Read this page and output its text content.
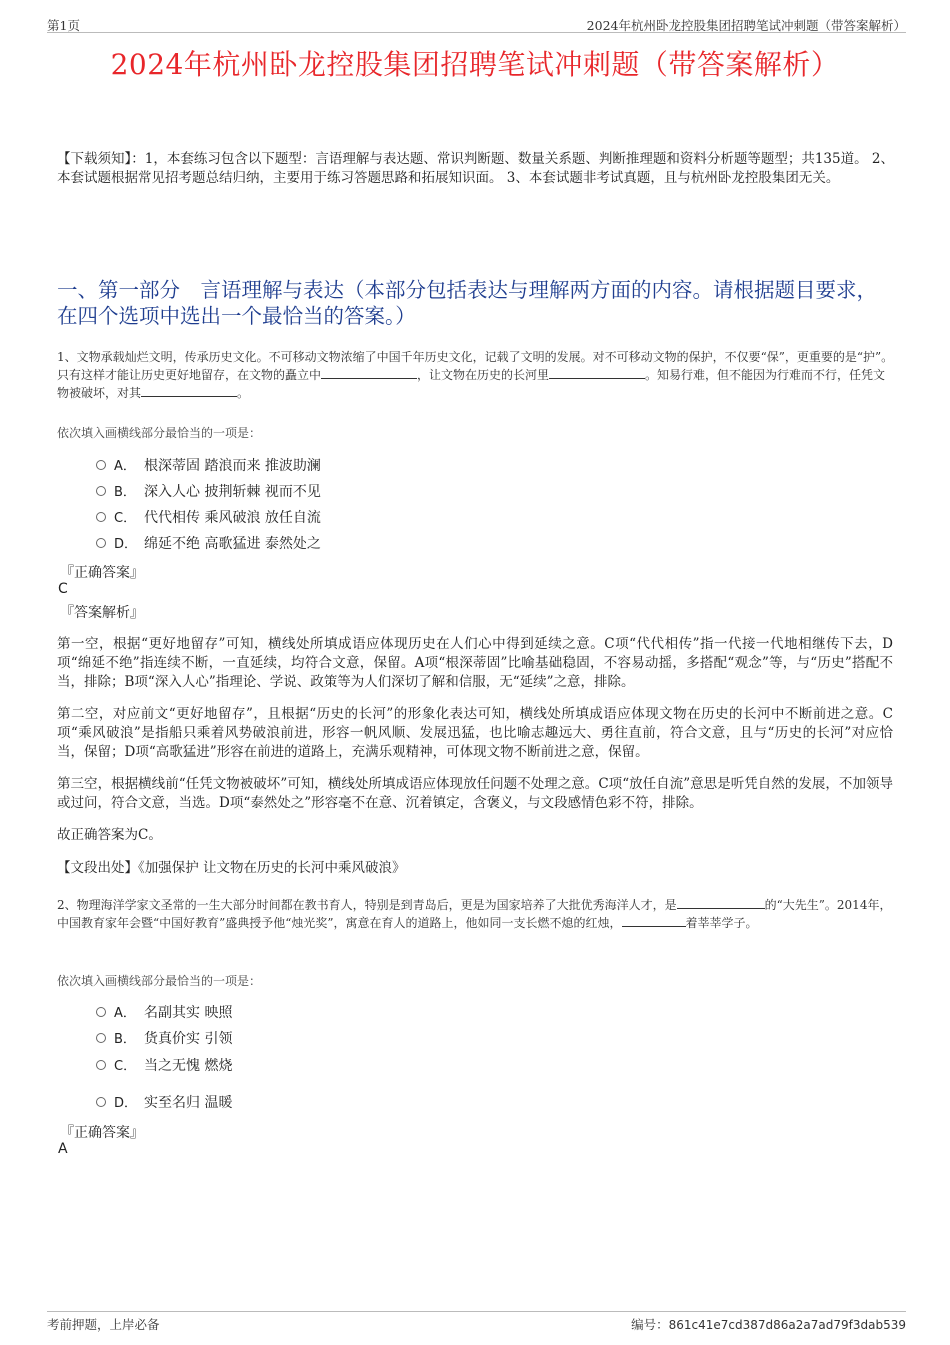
第1页	2024年杭州卧龙控股集团招聘笔试冲刺题（带答案解析）
2024年杭州卧龙控股集团招聘笔试冲刺题（带答案解析）
【下载须知】：1，本套练习包含以下题型：言语理解与表达题、常识判断题、数量关系题、判断推理题和资料分析题等题型；共135道。 2、本套试题根据常见招考题总结归纳，主要用于练习答题思路和拓展知识面。 3、本套试题非考试真题，且与杭州卧龙控股集团无关。
一、第一部分　言语理解与表达（本部分包括表达与理解两方面的内容。请根据题目要求，在四个选项中选出一个最恰当的答案。）
1、文物承载灿烂文明，传承历史文化。不可移动文物浓缩了中国千年历史文化，记载了文明的发展。对不可移动文物的保护，不仅要“保”，更重要的是“护”。只有这样才能让历史更好地留存，在文物的矗立中	，让文物在历史的长河里	。知易行难，但不能因为行难而不行，任凭文物被破坏，对其	。
依次填入画横线部分最恰当的一项是：
A． 根深蒂固 踏浪而来 推波助澜
B． 深入人心 披荆斩棘 视而不见
C． 代代相传 乘风破浪 放任自流
D． 绵延不绝 高歌猛进 泰然处之
『正确答案』
C
『答案解析』
第一空，根据“更好地留存”可知，横线处所填成语应体现历史在人们心中得到延续之意。C项“代代相传”指一代接一代地相继传下去，D项“绵延不绝”指连续不断，一直延续，均符合文意，保留。A项“根深蒂固”比喻基础稳固，不容易动摇，多搭配“观念”等，与“历史”搭配不当，排除；B项“深入人心”指理论、学说、政策等为人们深切了解和信服，无“延续”之意，排除。
第二空，对应前文“更好地留存”，且根据“历史的长河”的形象化表达可知，横线处所填成语应体现文物在历史的长河中不断前进之意。C项“乘风破浪”是指船只乘着风势破浪前进，形容一帆风顺、发展迅猛，也比喻志趣远大、勇往直前，符合文意，且与“历史的长河”对应恰当，保留；D项“高歌猛进”形容在前进的道路上，充满乐观精神，可体现文物不断前进之意，保留。
第三空，根据横线前“任凭文物被破坏”可知，横线处所填成语应体现放任问题不处理之意。C项“放任自流”意思是听凭自然的发展，不加领导或过问，符合文意，当选。D项“泰然处之”形容毫不在意、沉着镇定，含褒义，与文段感情色彩不符，排除。
故正确答案为C。
【文段出处】《加强保护 让文物在历史的长河中乘风破浪》
2、物理海洋学家文圣常的一生大部分时间都在教书育人，特别是到青岛后，更是为国家培养了大批优秀海洋人才，是	的“大先生”。2014年，中国教育家年会暨“中国好教育”盛典授予他“烛光奖”，寓意在育人的道路上，他如同一支长燃不熄的红烛，	着莘莘学子。
依次填入画横线部分最恰当的一项是：
A． 名副其实 映照
B． 货真价实 引领
C． 当之无愧 燃烧
D． 实至名归 温暖
『正确答案』
A
考前押题，上岸必备	编号：861c41e7cd387d86a2a7ad79f3dab539
